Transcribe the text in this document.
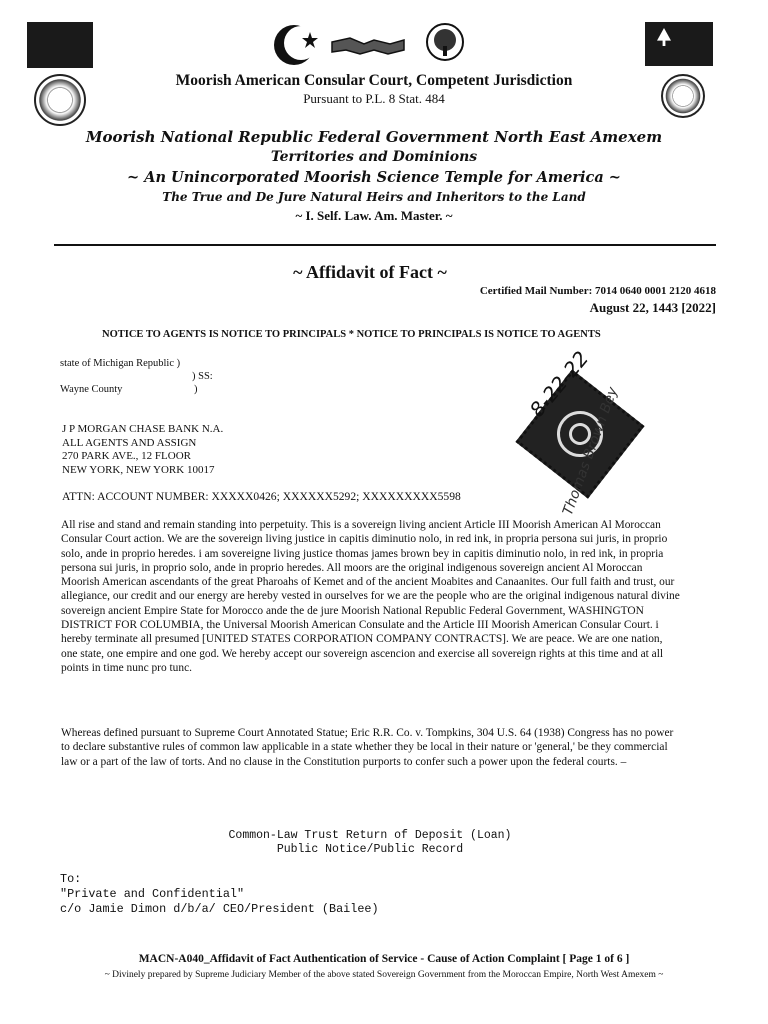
Moorish American Consular Court, Competent Jurisdiction
Pursuant to P.L. 8 Stat. 484
Moorish National Republic Federal Government North East Amexem
Territories and Dominions
~ An Unincorporated Moorish Science Temple for America ~
The True and De Jure Natural Heirs and Inheritors to the Land
~ I. Self. Law. Am. Master. ~
~ Affidavit of Fact ~
Certified Mail Number: 7014 0640 0001 2120 4618
August 22, 1443 [2022]
NOTICE TO AGENTS IS NOTICE TO PRINCIPALS * NOTICE TO PRINCIPALS IS NOTICE TO AGENTS
state of Michigan Republic )
) SS:
Wayne County	)
J P MORGAN CHASE BANK N.A.
ALL AGENTS AND ASSIGN
270 PARK AVE., 12 FLOOR
NEW YORK, NEW YORK 10017
8-22-22
Thomas Brown Bey
ATTN: ACCOUNT NUMBER: XXXXX0426; XXXXXX5292; XXXXXXXXX5598
All rise and stand and remain standing into perpetuity. This is a sovereign living ancient Article III Moorish American Al Moroccan Consular Court action. We are the sovereign living justice in capitis diminutio nolo, in red ink, in propria persona sui juris, in proprio solo, ande in proprio heredes. i am sovereigne living justice thomas james brown bey in capitis diminutio nolo, in red ink, in propria persona sui juris, in proprio solo, ande in proprio heredes. All moors are the original indigenous sovereign ancient Al Moroccan Moorish American ascendants of the great Pharoahs of Kemet and of the ancient Moabites and Canaanites. Our full faith and trust, our allegiance, our credit and our energy are hereby vested in ourselves for we are the people who are the original indigenous natural divine sovereign ancient Empire State for Morocco ande the de jure Moorish National Republic Federal Government, WASHINGTON DISTRICT FOR COLUMBIA, the Universal Moorish American Consulate and the Article III Moorish American Consular Court. i hereby terminate all presumed [UNITED STATES CORPORATION COMPANY CONTRACTS]. We are peace. We are one nation, one state, one empire and one god. We hereby accept our sovereign ascencion and exercise all sovereign rights at this time and at all points in time nunc pro tunc.
Whereas defined pursuant to Supreme Court Annotated Statue; Eric R.R. Co. v. Tompkins, 304 U.S. 64 (1938) Congress has no power to declare substantive rules of common law applicable in a state whether they be local in their nature or 'general,' be they commercial law or a part of the law of torts. And no clause in the Constitution purports to confer such a power upon the federal courts. –
Common-Law Trust Return of Deposit (Loan)
Public Notice/Public Record
To:
"Private and Confidential"
c/o Jamie Dimon d/b/a/ CEO/President (Bailee)
MACN-A040_Affidavit of Fact Authentication of Service - Cause of Action Complaint [ Page 1 of 6 ]
~ Divinely prepared by Supreme Judiciary Member of the above stated Sovereign Government from the Moroccan Empire, North West Amexem ~
